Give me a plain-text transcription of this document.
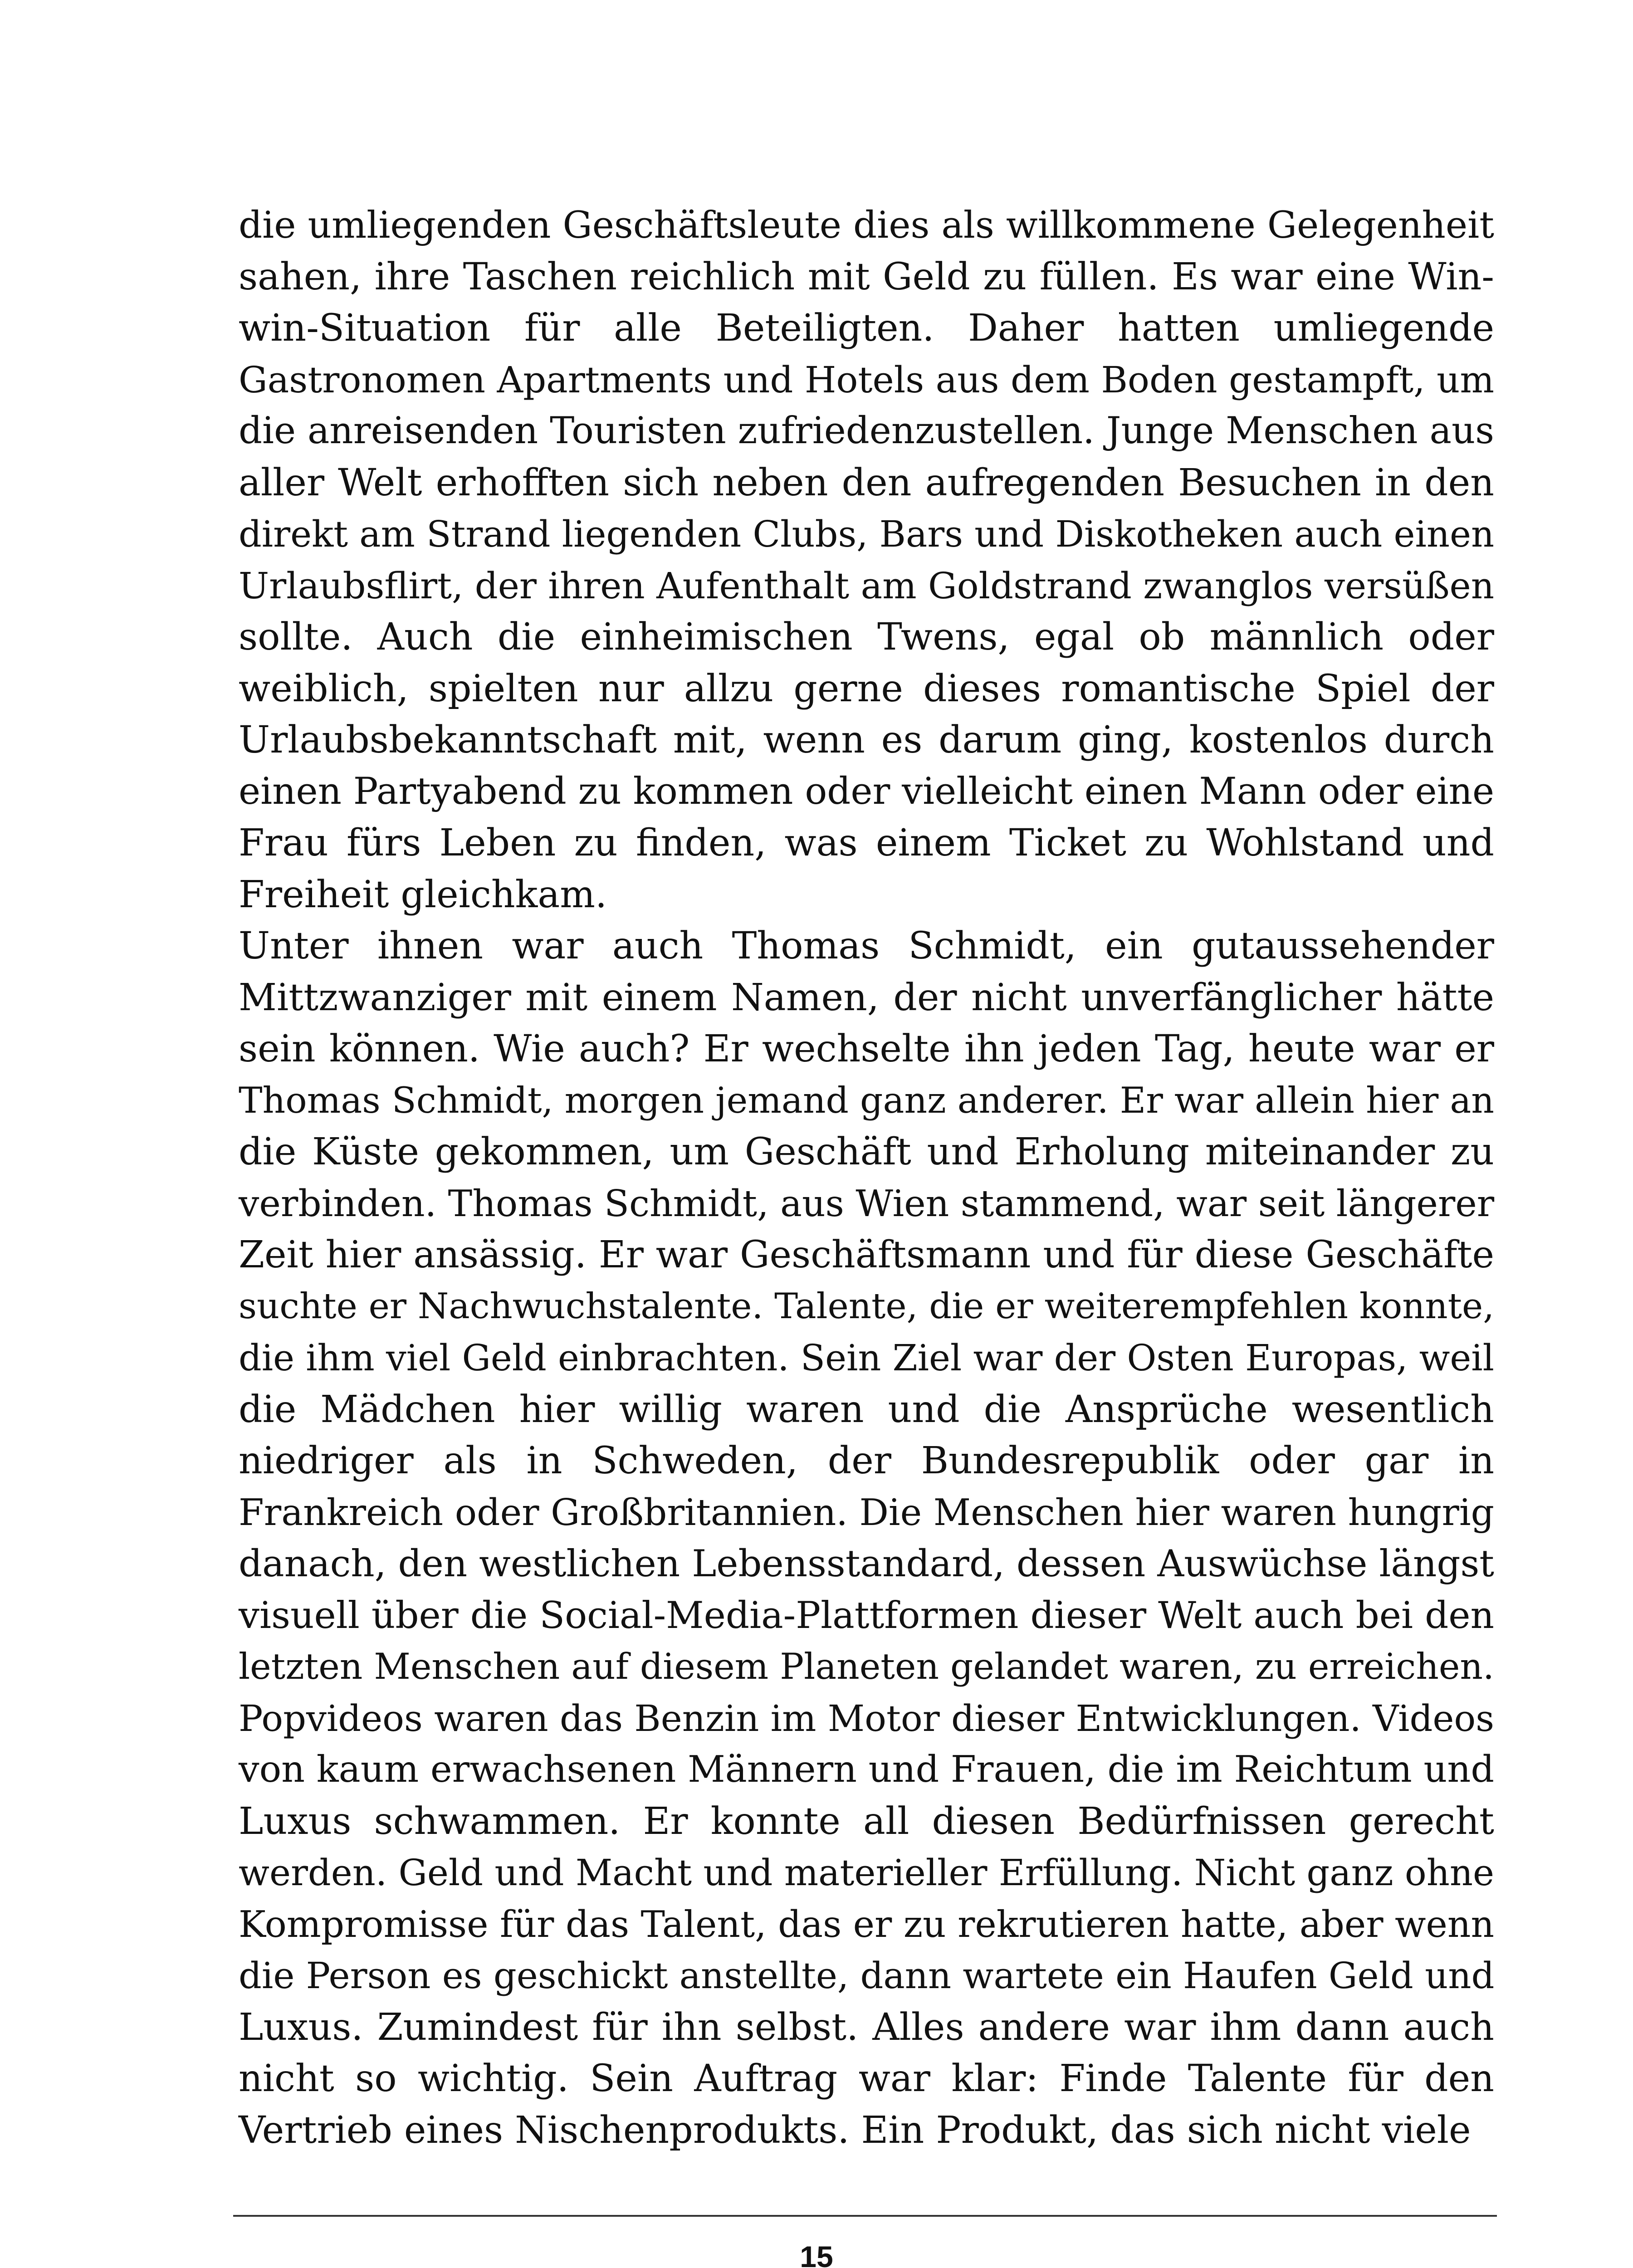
die umliegenden Geschäftsleute dies als willkommene Gelegenheit
sahen, ihre Taschen reichlich mit Geld zu füllen. Es war eine Win-
win-Situation für alle Beteiligten. Daher hatten umliegende
Gastronomen Apartments und Hotels aus dem Boden gestampft, um
die anreisenden Touristen zufriedenzustellen. Junge Menschen aus
aller Welt erhofften sich neben den aufregenden Besuchen in den
direkt am Strand liegenden Clubs, Bars und Diskotheken auch einen
Urlaubsflirt, der ihren Aufenthalt am Goldstrand zwanglos versüßen
sollte. Auch die einheimischen Twens, egal ob männlich oder
weiblich, spielten nur allzu gerne dieses romantische Spiel der
Urlaubsbekanntschaft mit, wenn es darum ging, kostenlos durch
einen Partyabend zu kommen oder vielleicht einen Mann oder eine
Frau fürs Leben zu finden, was einem Ticket zu Wohlstand und
Freiheit gleichkam.
Unter ihnen war auch Thomas Schmidt, ein gutaussehender
Mittzwanziger mit einem Namen, der nicht unverfänglicher hätte
sein können. Wie auch? Er wechselte ihn jeden Tag, heute war er
Thomas Schmidt, morgen jemand ganz anderer. Er war allein hier an
die Küste gekommen, um Geschäft und Erholung miteinander zu
verbinden. Thomas Schmidt, aus Wien stammend, war seit längerer
Zeit hier ansässig. Er war Geschäftsmann und für diese Geschäfte
suchte er Nachwuchstalente. Talente, die er weiterempfehlen konnte,
die ihm viel Geld einbrachten. Sein Ziel war der Osten Europas, weil
die Mädchen hier willig waren und die Ansprüche wesentlich
niedriger als in Schweden, der Bundesrepublik oder gar in
Frankreich oder Großbritannien. Die Menschen hier waren hungrig
danach, den westlichen Lebensstandard, dessen Auswüchse längst
visuell über die Social-Media-Plattformen dieser Welt auch bei den
letzten Menschen auf diesem Planeten gelandet waren, zu erreichen.
Popvideos waren das Benzin im Motor dieser Entwicklungen. Videos
von kaum erwachsenen Männern und Frauen, die im Reichtum und
Luxus schwammen. Er konnte all diesen Bedürfnissen gerecht
werden. Geld und Macht und materieller Erfüllung. Nicht ganz ohne
Kompromisse für das Talent, das er zu rekrutieren hatte, aber wenn
die Person es geschickt anstellte, dann wartete ein Haufen Geld und
Luxus. Zumindest für ihn selbst. Alles andere war ihm dann auch
nicht so wichtig. Sein Auftrag war klar: Finde Talente für den
Vertrieb eines Nischenprodukts. Ein Produkt, das sich nicht viele
15
